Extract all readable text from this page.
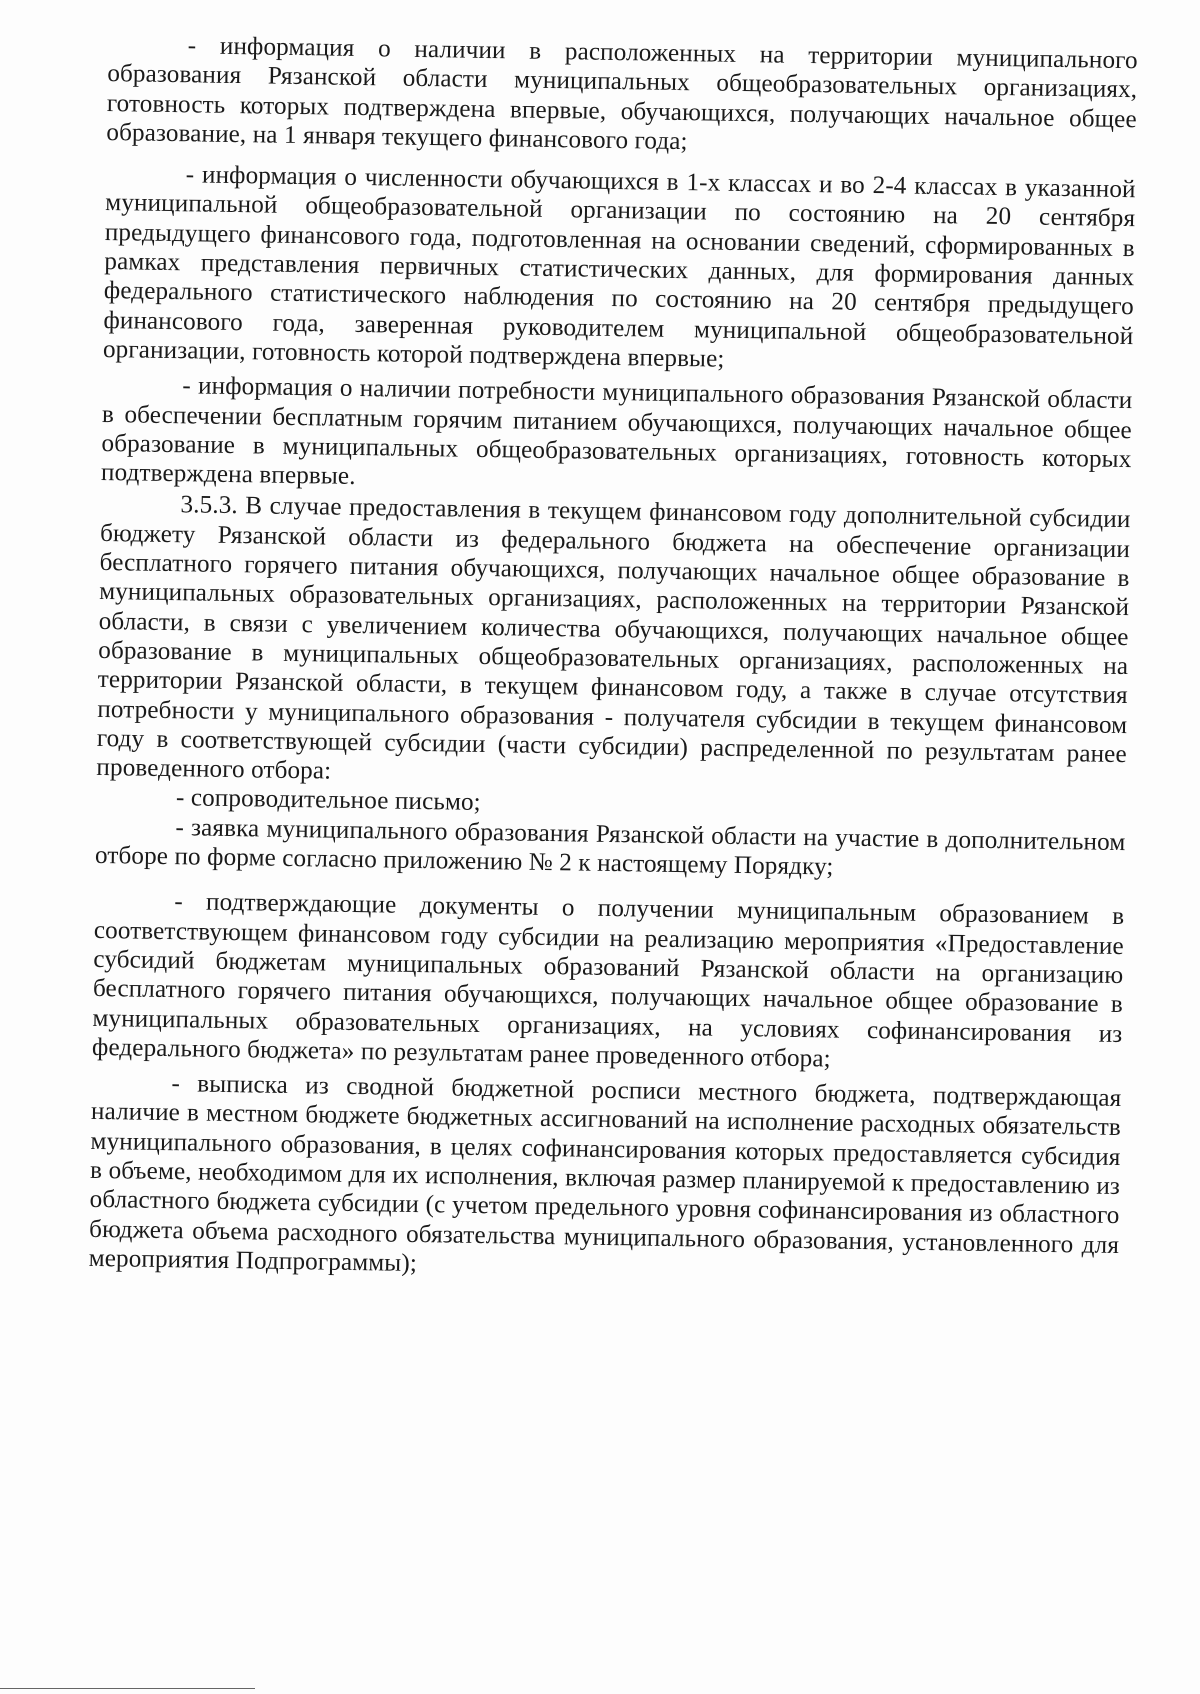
- информация о наличии в расположенных на территории муниципального образования Рязанской области муниципальных общеобразовательных организациях, готовность которых подтверждена впервые, обучающихся, получающих начальное общее образование, на 1 января текущего финансового года;

- информация о численности обучающихся в 1-х классах и во 2-4 классах в указанной муниципальной общеобразовательной организации по состоянию на 20 сентября предыдущего финансового года, подготовленная на основании сведений, сформированных в рамках представления первичных статистических данных, для формирования данных федерального статистического наблюдения по состоянию на 20 сентября предыдущего финансового года, заверенная руководителем муниципальной общеобразовательной организации, готовность которой подтверждена впервые;

- информация о наличии потребности муниципального образования Рязанской области в обеспечении бесплатным горячим питанием обучающихся, получающих начальное общее образование в муниципальных общеобразовательных организациях, готовность которых подтверждена впервые.

3.5.3. В случае предоставления в текущем финансовом году дополнительной субсидии бюджету Рязанской области из федерального бюджета на обеспечение организации бесплатного горячего питания обучающихся, получающих начальное общее образование в муниципальных образовательных организациях, расположенных на территории Рязанской области, в связи с увеличением количества обучающихся, получающих начальное общее образование в муниципальных общеобразовательных организациях, расположенных на территории Рязанской области, в текущем финансовом году, а также в случае отсутствия потребности у муниципального образования - получателя субсидии в текущем финансовом году в соответствующей субсидии (части субсидии) распределенной по результатам ранее проведенного отбора:

- сопроводительное письмо;

- заявка муниципального образования Рязанской области на участие в дополнительном отборе по форме согласно приложению № 2 к настоящему Порядку;

- подтверждающие документы о получении муниципальным образованием в соответствующем финансовом году субсидии на реализацию мероприятия «Предоставление субсидий бюджетам муниципальных образований Рязанской области на организацию бесплатного горячего питания обучающихся, получающих начальное общее образование в муниципальных образовательных организациях, на условиях софинансирования из федерального бюджета» по результатам ранее проведенного отбора;

- выписка из сводной бюджетной росписи местного бюджета, подтверждающая наличие в местном бюджете бюджетных ассигнований на исполнение расходных обязательств муниципального образования, в целях софинансирования которых предоставляется субсидия в объеме, необходимом для их исполнения, включая размер планируемой к предоставлению из областного бюджета субсидии (с учетом предельного уровня софинансирования из областного бюджета объема расходного обязательства муниципального образования, установленного для мероприятия Подпрограммы);
